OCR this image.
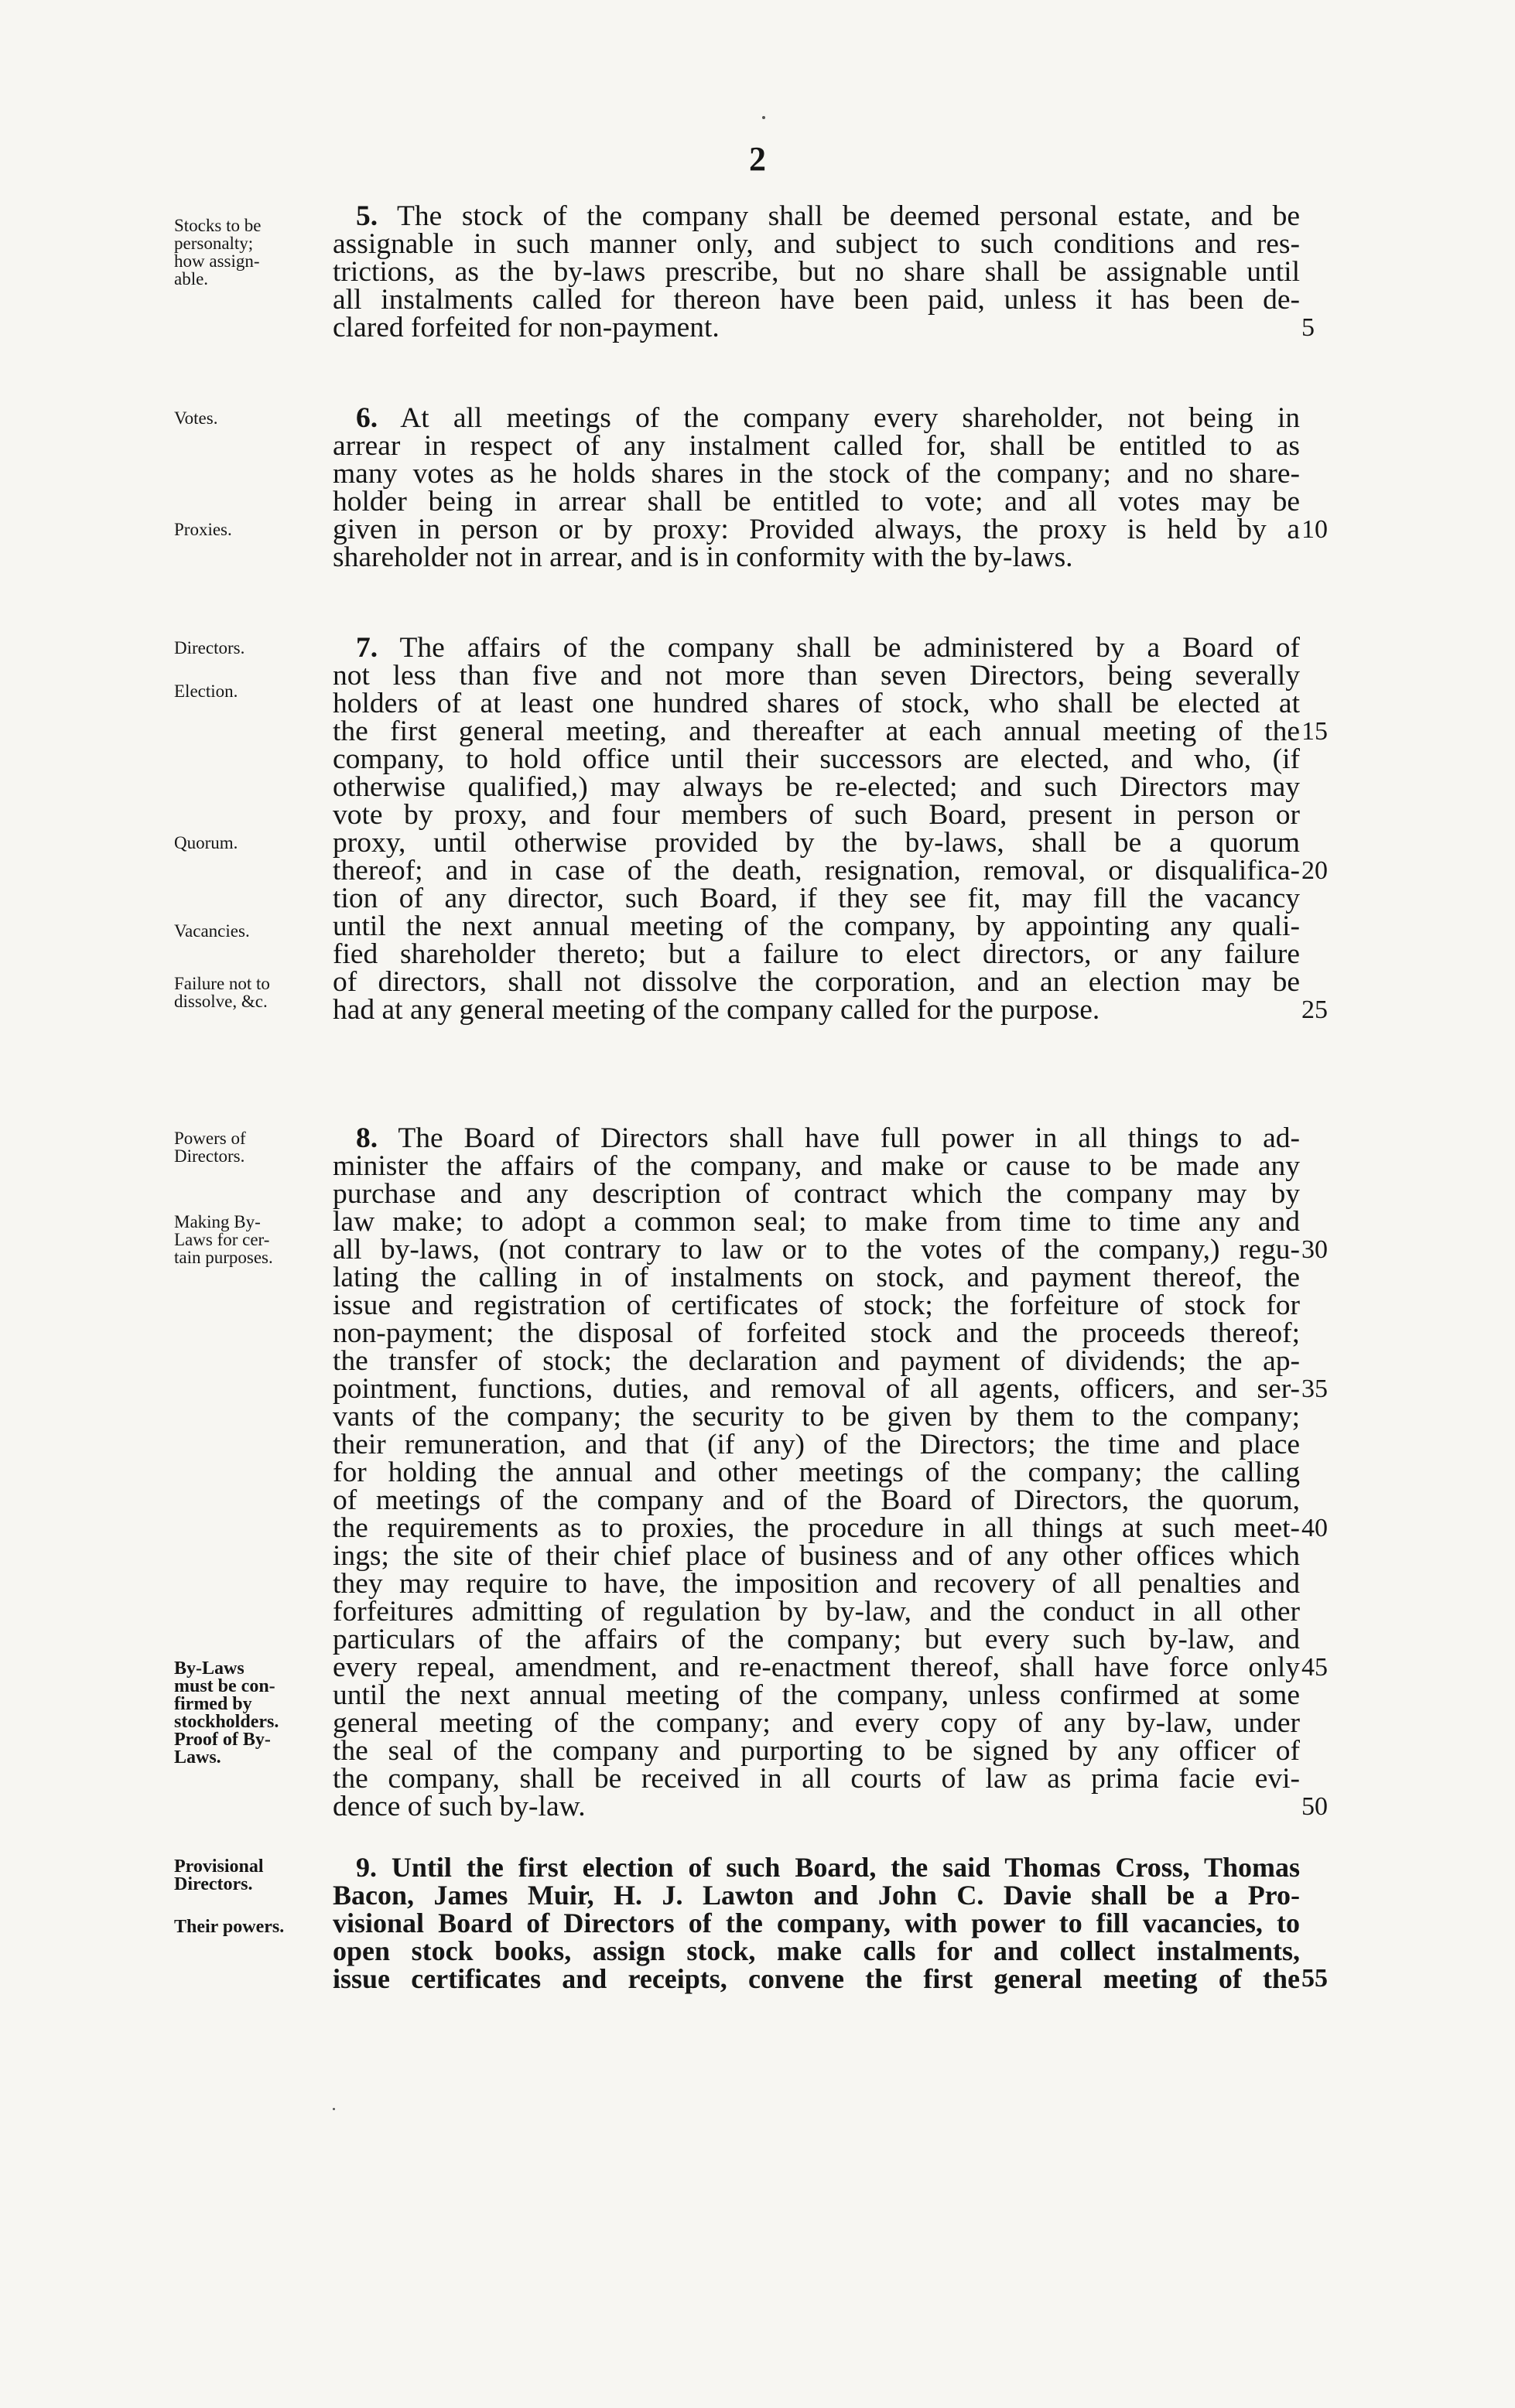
2
Stocks to be
personalty;
how assign-
able.
5. The stock of the company shall be deemed personal estate, and be
assignable in such manner only, and subject to such conditions and res-
trictions, as the by-laws prescribe, but no share shall be assignable until
all instalments called for thereon have been paid, unless it has been de-
clared forfeited for non-payment.	5
Votes.
Proxies.
6. At all meetings of the company every shareholder, not being in
arrear in respect of any instalment called for, shall be entitled to as
many votes as he holds shares in the stock of the company; and no share-
holder being in arrear shall be entitled to vote; and all votes may be
given in person or by proxy: Provided always, the proxy is held by a
shareholder not in arrear, and is in conformity with the by-laws.
10
Directors.
Election.
Quorum.
Vacancies.
Failure not to
dissolve, &c.
7. The affairs of the company shall be administered by a Board of
not less than five and not more than seven Directors, being severally
holders of at least one hundred shares of stock, who shall be elected at
the first general meeting, and thereafter at each annual meeting of the
company, to hold office until their successors are elected, and who, (if
otherwise qualified,) may always be re-elected; and such Directors may
vote by proxy, and four members of such Board, present in person or
proxy, until otherwise provided by the by-laws, shall be a quorum
thereof; and in case of the death, resignation, removal, or disqualifica-
tion of any director, such Board, if they see fit, may fill the vacancy
until the next annual meeting of the company, by appointing any quali-
fied shareholder thereto; but a failure to elect directors, or any failure
of directors, shall not dissolve the corporation, and an election may be
had at any general meeting of the company called for the purpose.
15
20
25
Powers of
Directors.
Making By-
Laws for cer-
tain purposes.
By-Laws
must be con-
firmed by
stockholders.
Proof of By-
Laws.
8. The Board of Directors shall have full power in all things to ad-
minister the affairs of the company, and make or cause to be made any
purchase and any description of contract which the company may by
law make; to adopt a common seal; to make from time to time any and
all by-laws, (not contrary to law or to the votes of the company,) regu-
lating the calling in of instalments on stock, and payment thereof, the
issue and registration of certificates of stock; the forfeiture of stock for
non-payment; the disposal of forfeited stock and the proceeds thereof;
the transfer of stock; the declaration and payment of dividends; the ap-
pointment, functions, duties, and removal of all agents, officers, and ser-
vants of the company; the security to be given by them to the company;
their remuneration, and that (if any) of the Directors; the time and place
for holding the annual and other meetings of the company; the calling
of meetings of the company and of the Board of Directors, the quorum,
the requirements as to proxies, the procedure in all things at such meet-
ings; the site of their chief place of business and of any other offices which
they may require to have, the imposition and recovery of all penalties and
forfeitures admitting of regulation by by-law, and the conduct in all other
particulars of the affairs of the company; but every such by-law, and
every repeal, amendment, and re-enactment thereof, shall have force only
until the next annual meeting of the company, unless confirmed at some
general meeting of the company; and every copy of any by-law, under
the seal of the company and purporting to be signed by any officer of
the company, shall be received in all courts of law as prima facie evi-
dence of such by-law.
30
35
40
45
50
Provisional
Directors.
Their powers.
9. Until the first election of such Board, the said Thomas Cross, Thomas
Bacon, James Muir, H. J. Lawton and John C. Davie shall be a Pro-
visional Board of Directors of the company, with power to fill vacancies, to
open stock books, assign stock, make calls for and collect instalments,
issue certificates and receipts, convene the first general meeting of the 55
